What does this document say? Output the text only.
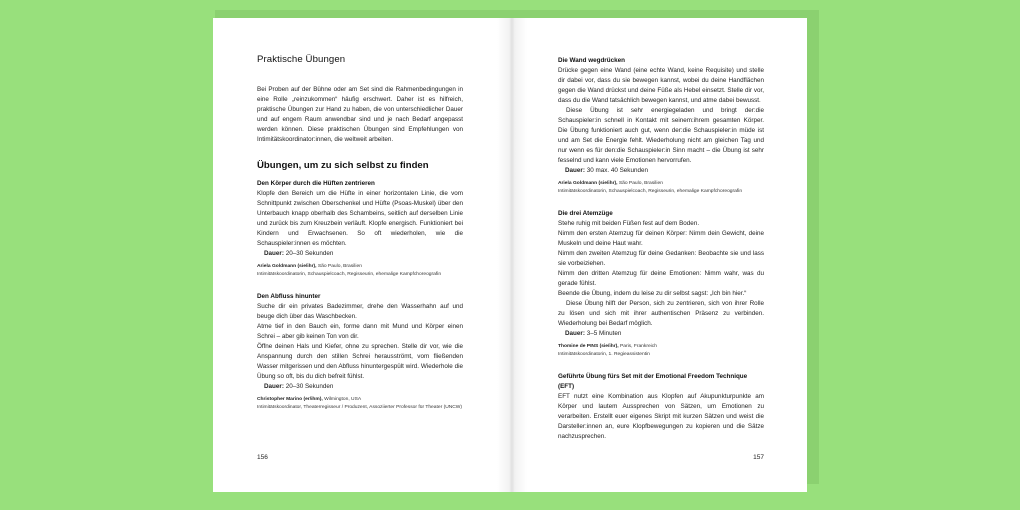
Praktische Übungen
Bei Proben auf der Bühne oder am Set sind die Rahmenbedingungen in eine Rolle „reinzukommen“ häufig erschwert. Daher ist es hilfreich, praktische Übungen zur Hand zu haben, die von unterschiedlicher Dauer und auf engem Raum anwendbar sind und je nach Bedarf angepasst werden können. Diese praktischen Übungen sind Empfehlungen von Intimitätskoordinator:innen, die weltweit arbeiten.
Übungen, um zu sich selbst zu finden
Den Körper durch die Hüften zentrieren

Klopfe den Bereich um die Hüfte in einer horizontalen Linie, die vom Schnittpunkt zwischen Oberschenkel und Hüfte (Psoas-Muskel) über den Unterbauch knapp oberhalb des Schambeins, seitlich auf derselben Linie und zurück bis zum Kreuzbein verläuft. Klopfe energisch. Funktioniert bei Kindern und Erwachsenen. So oft wiederholen, wie die Schauspieler:innen es möchten.

Dauer: 20–30 Sekunden
Ariela Goldmann (sie/ihr), São Paulo, Brasilien
Intimitätskoordinatorin, Schauspielcoach, Regisseurin, ehemalige Kampfchoreografin
Den Abfluss hinunter

Suche dir ein privates Badezimmer, drehe den Wasserhahn auf und beuge dich über das Waschbecken.

Atme tief in den Bauch ein, forme dann mit Mund und Körper einen Schrei – aber gib keinen Ton von dir.

Öffne deinen Hals und Kiefer, ohne zu sprechen. Stelle dir vor, wie die Anspannung durch den stillen Schrei herausströmt, vom fließenden Wasser mitgerissen und den Abfluss hinuntergespült wird. Wiederhole die Übung so oft, bis du dich befreit fühlst.

Dauer: 20–30 Sekunden
Christopher Marino (er/ihm), Wilmington, USA
Intimitätskoordinator, Theaterregisseur / Produzent, Assoziierter Professor für Theater (UNCW)
156
Die Wand wegdrücken

Drücke gegen eine Wand (eine echte Wand, keine Requisite) und stelle dir dabei vor, dass du sie bewegen kannst, wobei du deine Handflächen gegen die Wand drückst und deine Füße als Hebel einsetzt. Stelle dir vor, dass du die Wand tatsächlich bewegen kannst, und atme dabei bewusst.

Diese Übung ist sehr energiegeladen und bringt der:die Schauspieler:in schnell in Kontakt mit seinem:ihrem gesamten Körper. Die Übung funktioniert auch gut, wenn der:die Schauspieler:in müde ist und am Set die Energie fehlt. Wiederholung nicht am gleichen Tag und nur wenn es für den:die Schauspieler:in Sinn macht – die Übung ist sehr fesselnd und kann viele Emotionen hervorrufen.

Dauer: 30 max. 40 Sekunden
Ariela Goldmann (sie/ihr), São Paulo, Brasilien
Intimitätskoordinatorin, Schauspielcoach, Regisseurin, ehemalige Kampfchoreografin
Die drei Atemzüge

Stehe ruhig mit beiden Füßen fest auf dem Boden.

Nimm den ersten Atemzug für deinen Körper: Nimm dein Gewicht, deine Muskeln und deine Haut wahr.

Nimm den zweiten Atemzug für deine Gedanken: Beobachte sie und lass sie vorbeiziehen.

Nimm den dritten Atemzug für deine Emotionen: Nimm wahr, was du gerade fühlst.

Beende die Übung, indem du leise zu dir selbst sagst: „Ich bin hier.“

Diese Übung hilft der Person, sich zu zentrieren, sich von ihrer Rolle zu lösen und sich mit ihrer authentischen Präsenz zu verbinden. Wiederholung bei Bedarf möglich.

Dauer: 3–5 Minuten
Thomine de PINS (sie/ihr), Paris, Frankreich
Intimitätskoordinatorin, 1. Regieassistentin
Geführte Übung fürs Set mit der Emotional Freedom Technique (EFT)

EFT nutzt eine Kombination aus Klopfen auf Akupunkturpunkte am Körper und lautem Aussprechen von Sätzen, um Emotionen zu verarbeiten. Erstellt euer eigenes Skript mit kurzen Sätzen und weist die Darsteller:innen an, eure Klopfbewegungen zu kopieren und die Sätze nachzusprechen.

157
